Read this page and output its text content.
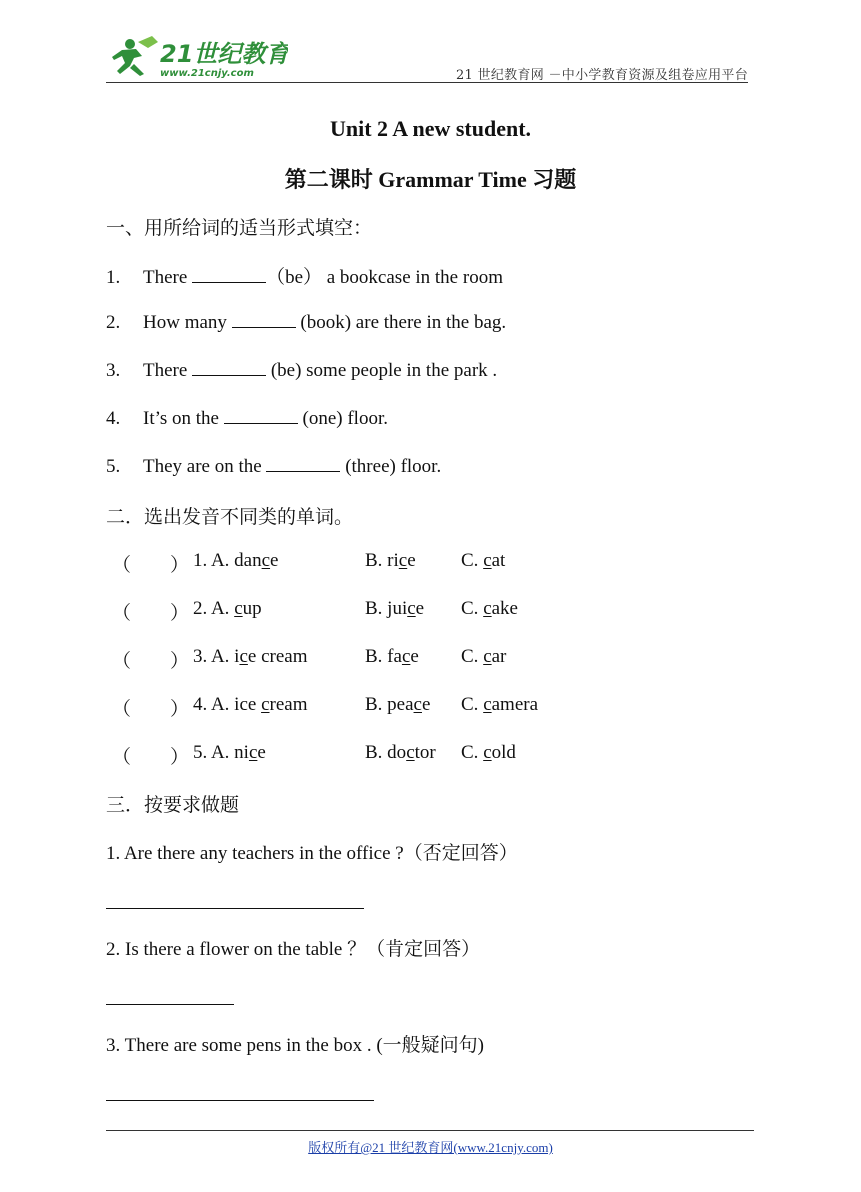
21世纪教育
www.21cnjy.com	21 世纪教育网 －中小学教育资源及组卷应用平台
Unit 2 A new student.
第二课时 Grammar Time 习题
一、用所给词的适当形式填空：
1. There	（be） a bookcase in the room
2. How many	(book) are there in the bag.
3. There	(be) some people in the park .
4. It’s on the	(one) floor.
5. They are on the	(three) floor.
二．选出发音不同类的单词。
（ ） 1. A. dance	B. rice C. cat
（ ） 2. A. cup	B. juice C. cake
（ ） 3. A. ice cream	B. face C. car
（ ） 4. A. ice cream	B. peace C. camera
（ ） 5. A. nice	B. doctor C. cold
三．按要求做题
1. Are there any teachers in the office ?（否定回答）
2. Is there a flower on the table ？（肯定回答）
3. There are some pens in the box . (一般疑问句)
版权所有@21 世纪教育网(www.21cnjy.com)
